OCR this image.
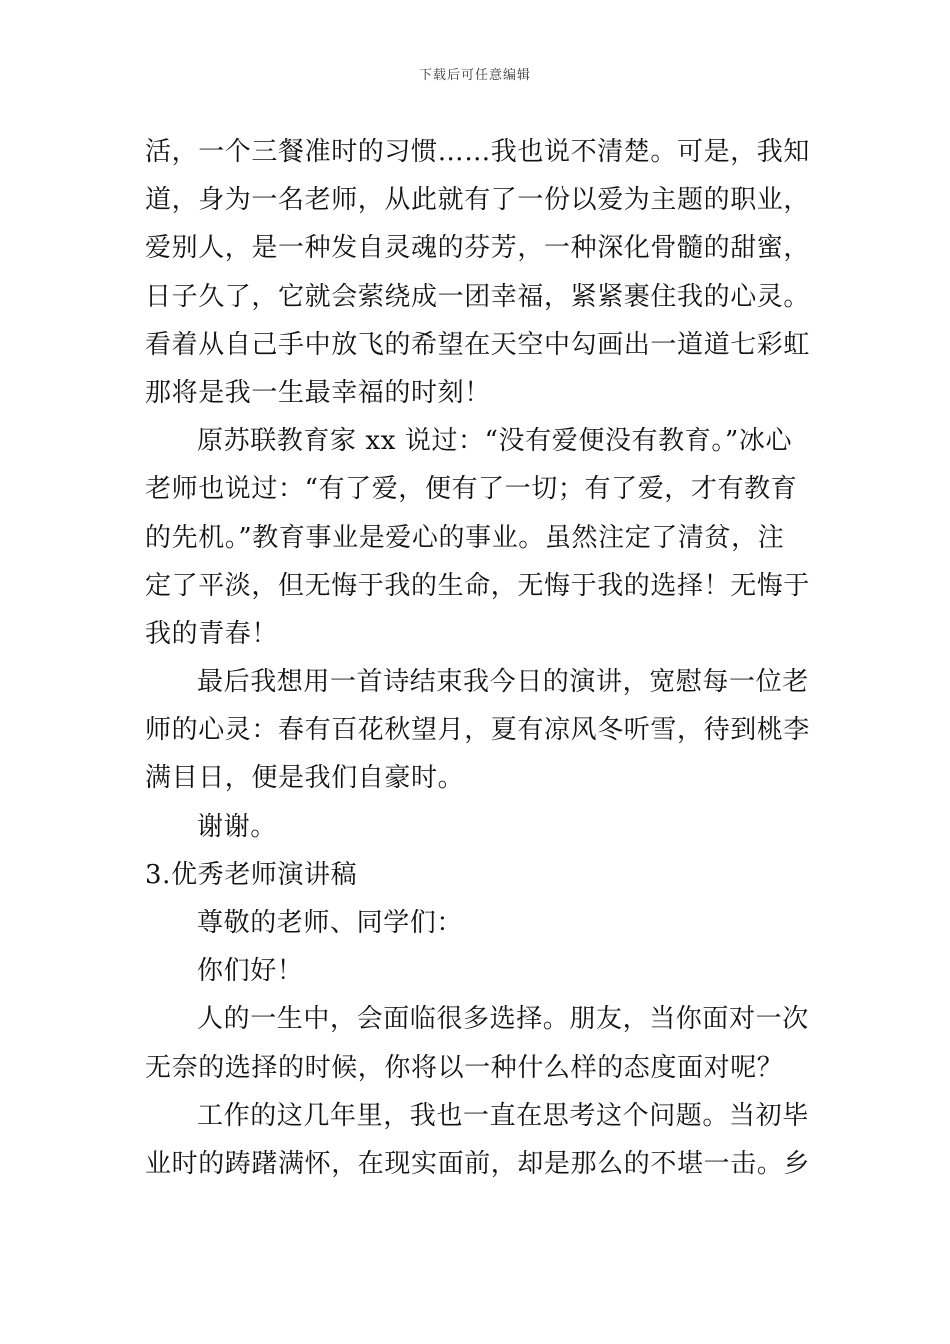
下载后可任意编辑
活，一个三餐准时的习惯……我也说不清楚。可是，我知
道，身为一名老师，从此就有了一份以爱为主题的职业，
爱别人，是一种发自灵魂的芬芳，一种深化骨髓的甜蜜，
日子久了，它就会萦绕成一团幸福，紧紧裹住我的心灵。
看着从自己手中放飞的希望在天空中勾画出一道道七彩虹
那将是我一生最幸福的时刻！
原苏联教育家 xx 说过：“没有爱便没有教育。”冰心
老师也说过：“有了爱，便有了一切；有了爱，才有教育
的先机。”教育事业是爱心的事业。虽然注定了清贫，注
定了平淡，但无悔于我的生命，无悔于我的选择！无悔于
我的青春！
最后我想用一首诗结束我今日的演讲，宽慰每一位老
师的心灵：春有百花秋望月，夏有凉风冬听雪，待到桃李
满目日，便是我们自豪时。
谢谢。
3.优秀老师演讲稿
尊敬的老师、同学们：
你们好！
人的一生中，会面临很多选择。朋友，当你面对一次
无奈的选择的时候，你将以一种什么样的态度面对呢？
工作的这几年里，我也一直在思考这个问题。当初毕
业时的踌躇满怀，在现实面前，却是那么的不堪一击。乡
